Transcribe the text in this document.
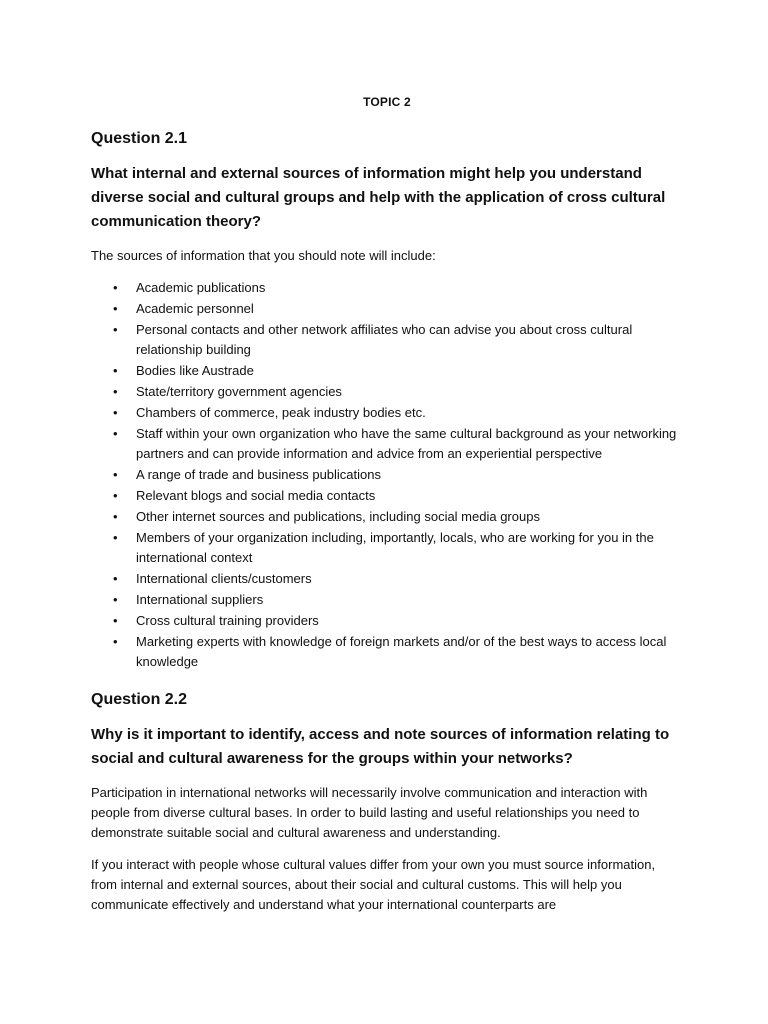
TOPIC 2
Question 2.1
What internal and external sources of information might help you understand diverse social and cultural groups and help with the application of cross cultural communication theory?
The sources of information that you should note will include:
• Academic publications
• Academic personnel
• Personal contacts and other network affiliates who can advise you about cross cultural relationship building
• Bodies like Austrade
• State/territory government agencies
• Chambers of commerce, peak industry bodies etc.
• Staff within your own organization who have the same cultural background as your networking partners and can provide information and advice from an experiential perspective
• A range of trade and business publications
• Relevant blogs and social media contacts
• Other internet sources and publications, including social media groups
• Members of your organization including, importantly, locals, who are working for you in the international context
• International clients/customers
• International suppliers
• Cross cultural training providers
• Marketing experts with knowledge of foreign markets and/or of the best ways to access local knowledge
Question 2.2
Why is it important to identify, access and note sources of information relating to social and cultural awareness for the groups within your networks?
Participation in international networks will necessarily involve communication and interaction with people from diverse cultural bases. In order to build lasting and useful relationships you need to demonstrate suitable social and cultural awareness and understanding.
If you interact with people whose cultural values differ from your own you must source information, from internal and external sources, about their social and cultural customs. This will help you communicate effectively and understand what your international counterparts are
